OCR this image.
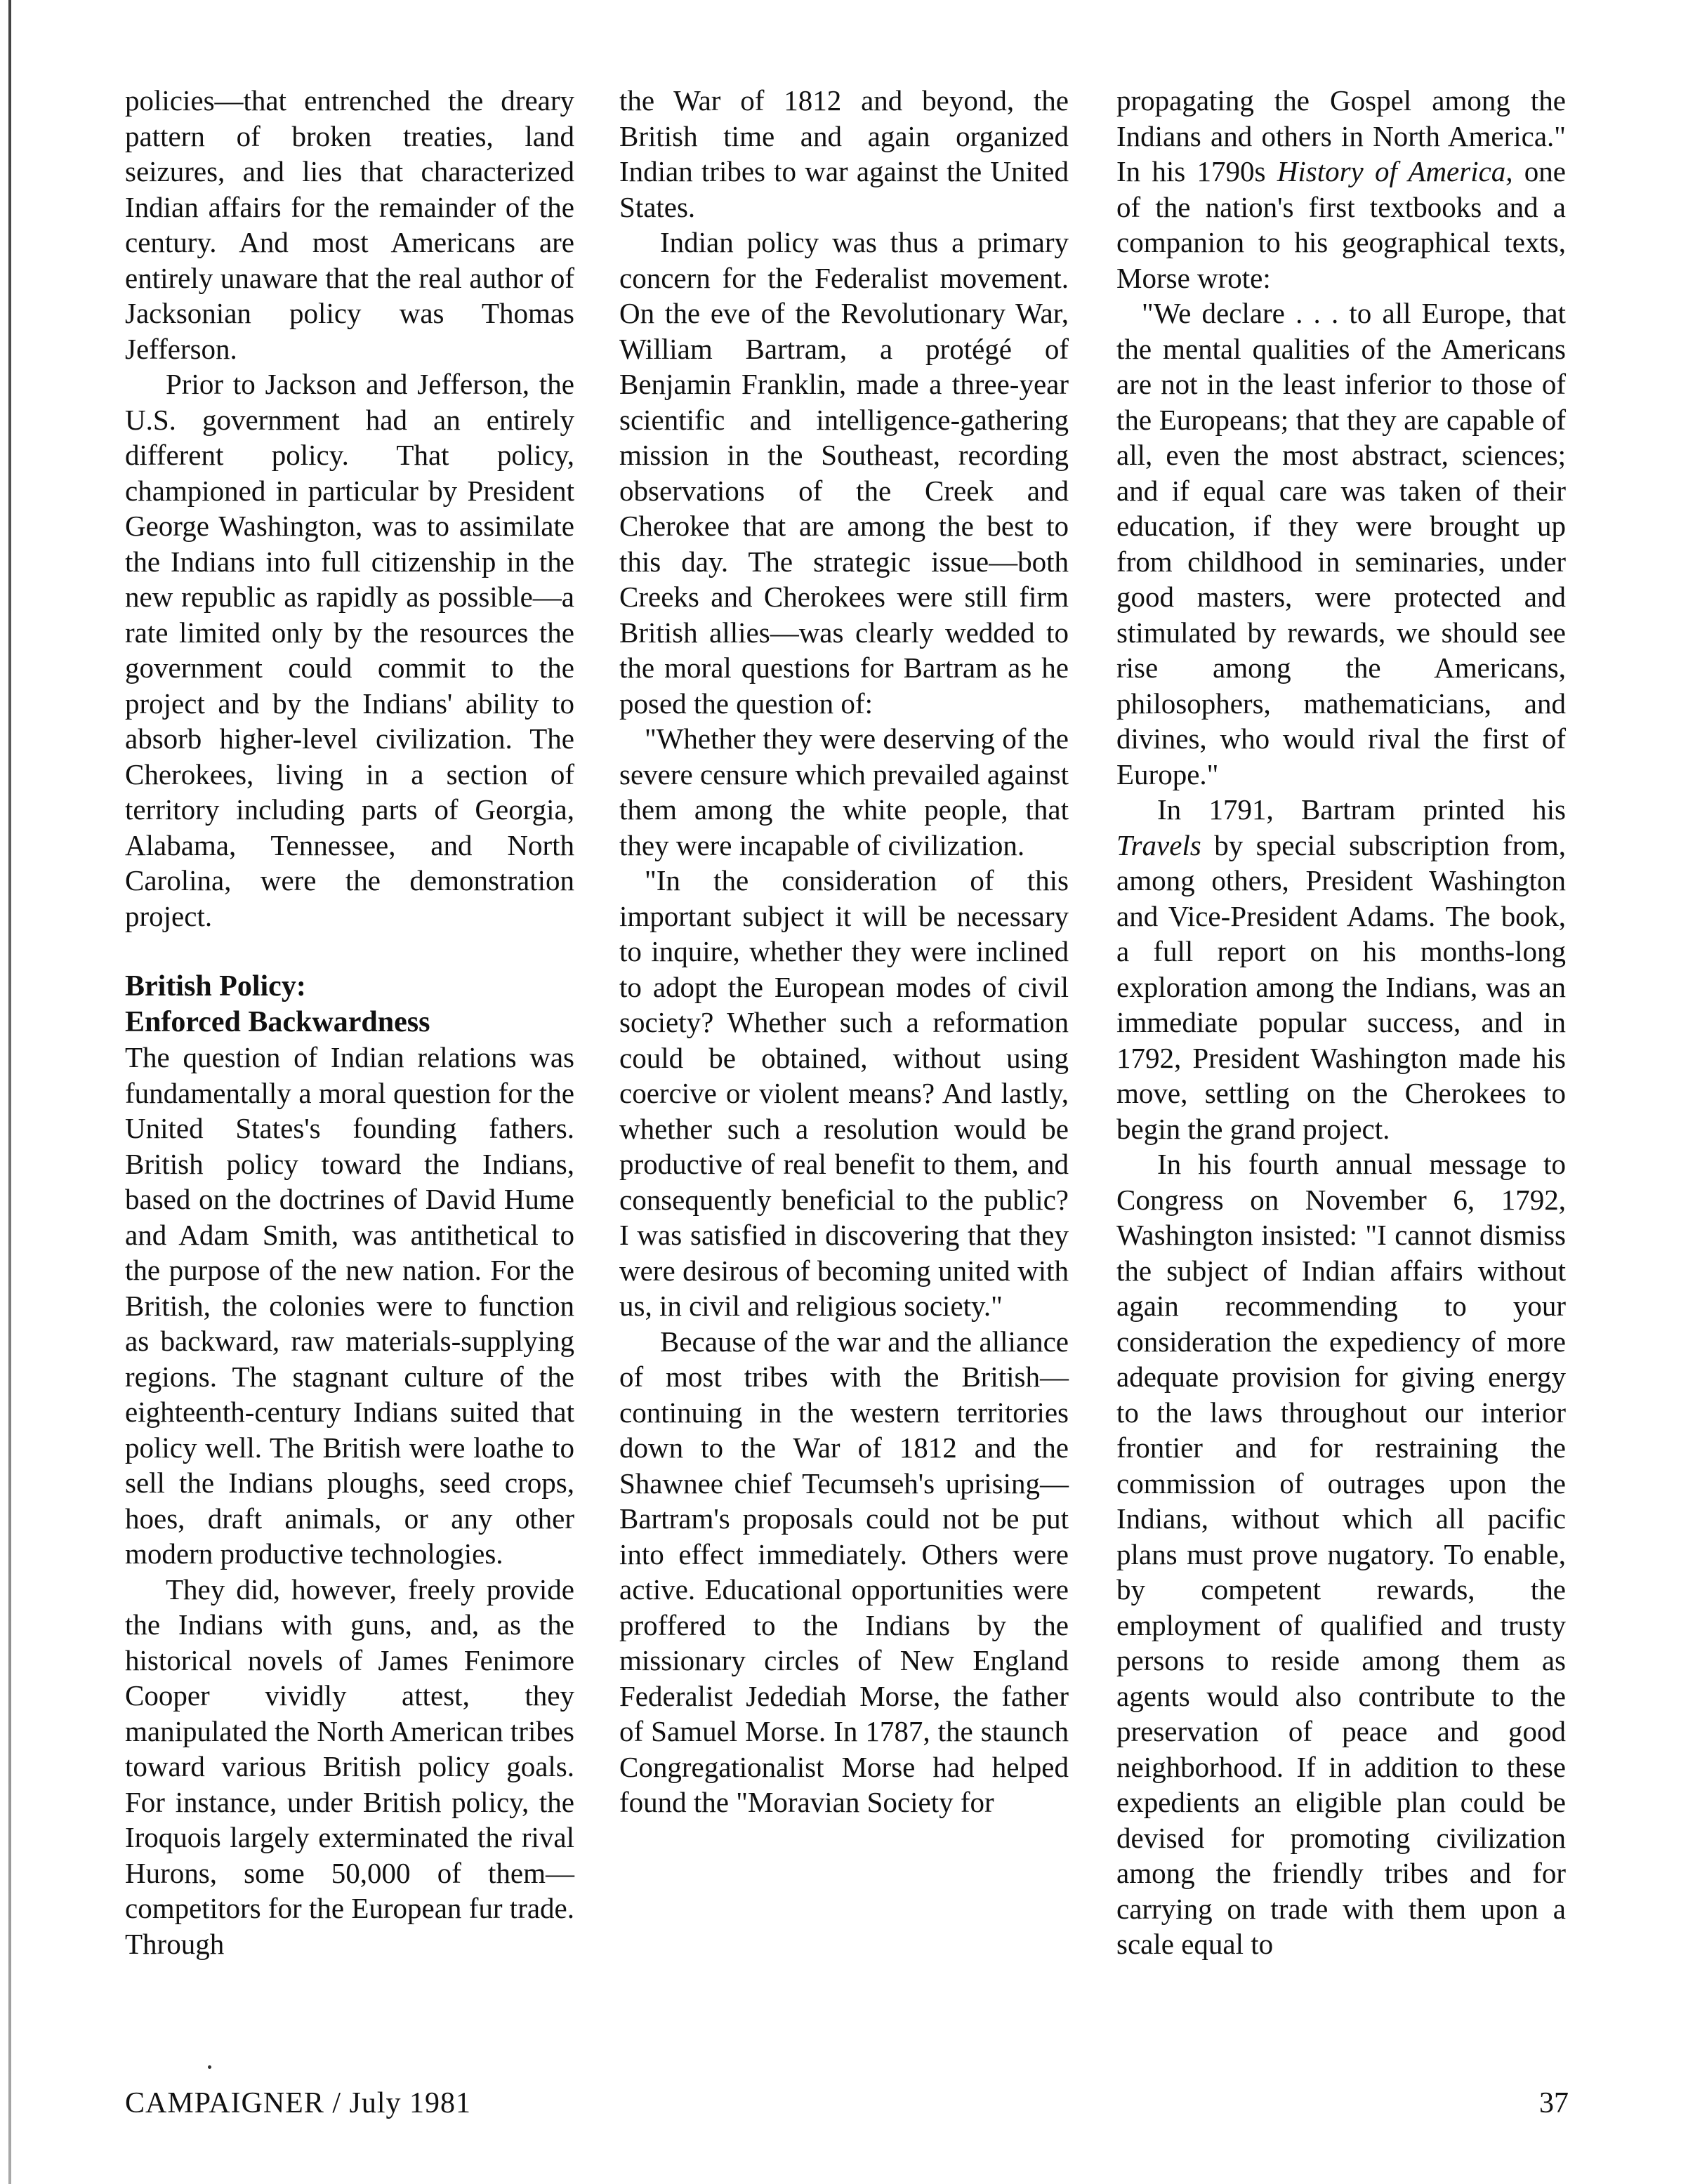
policies—that entrenched the dreary pattern of broken treaties, land seizures, and lies that characterized Indian affairs for the remainder of the century. And most Americans are entirely unaware that the real author of Jacksonian policy was Thomas Jefferson.

Prior to Jackson and Jefferson, the U.S. government had an entirely different policy. That policy, championed in particular by President George Washington, was to assimilate the Indians into full citizenship in the new republic as rapidly as possible—a rate limited only by the resources the government could commit to the project and by the Indians' ability to absorb higher-level civilization. The Cherokees, living in a section of territory including parts of Georgia, Alabama, Tennessee, and North Carolina, were the demonstration project.

British Policy:
Enforced Backwardness

The question of Indian relations was fundamentally a moral question for the United States's founding fathers. British policy toward the Indians, based on the doctrines of David Hume and Adam Smith, was antithetical to the purpose of the new nation. For the British, the colonies were to function as backward, raw materials-supplying regions. The stagnant culture of the eighteenth-century Indians suited that policy well. The British were loathe to sell the Indians ploughs, seed crops, hoes, draft animals, or any other modern productive technologies.

They did, however, freely provide the Indians with guns, and, as the historical novels of James Fenimore Cooper vividly attest, they manipulated the North American tribes toward various British policy goals. For instance, under British policy, the Iroquois largely exterminated the rival Hurons, some 50,000 of them—competitors for the European fur trade. Through

the War of 1812 and beyond, the British time and again organized Indian tribes to war against the United States.

Indian policy was thus a primary concern for the Federalist movement. On the eve of the Revolutionary War, William Bartram, a protégé of Benjamin Franklin, made a three-year scientific and intelligence-gathering mission in the Southeast, recording observations of the Creek and Cherokee that are among the best to this day. The strategic issue—both Creeks and Cherokees were still firm British allies—was clearly wedded to the moral questions for Bartram as he posed the question of:

"Whether they were deserving of the severe censure which prevailed against them among the white people, that they were incapable of civilization.

"In the consideration of this important subject it will be necessary to inquire, whether they were inclined to adopt the European modes of civil society? Whether such a reformation could be obtained, without using coercive or violent means? And lastly, whether such a resolution would be productive of real benefit to them, and consequently beneficial to the public? I was satisfied in discovering that they were desirous of becoming united with us, in civil and religious society."

Because of the war and the alliance of most tribes with the British—continuing in the western territories down to the War of 1812 and the Shawnee chief Tecumseh's uprising—Bartram's proposals could not be put into effect immediately. Others were active. Educational opportunities were proffered to the Indians by the missionary circles of New England Federalist Jedediah Morse, the father of Samuel Morse. In 1787, the staunch Congregationalist Morse had helped found the "Moravian Society for

propagating the Gospel among the Indians and others in North America." In his 1790s History of America, one of the nation's first textbooks and a companion to his geographical texts, Morse wrote:

"We declare . . . to all Europe, that the mental qualities of the Americans are not in the least inferior to those of the Europeans; that they are capable of all, even the most abstract, sciences; and if equal care was taken of their education, if they were brought up from childhood in seminaries, under good masters, were protected and stimulated by rewards, we should see rise among the Americans, philosophers, mathematicians, and divines, who would rival the first of Europe."

In 1791, Bartram printed his Travels by special subscription from, among others, President Washington and Vice-President Adams. The book, a full report on his months-long exploration among the Indians, was an immediate popular success, and in 1792, President Washington made his move, settling on the Cherokees to begin the grand project.

In his fourth annual message to Congress on November 6, 1792, Washington insisted: "I cannot dismiss the subject of Indian affairs without again recommending to your consideration the expediency of more adequate provision for giving energy to the laws throughout our interior frontier and for restraining the commission of outrages upon the Indians, without which all pacific plans must prove nugatory. To enable, by competent rewards, the employment of qualified and trusty persons to reside among them as agents would also contribute to the preservation of peace and good neighborhood. If in addition to these expedients an eligible plan could be devised for promoting civilization among the friendly tribes and for carrying on trade with them upon a scale equal to

CAMPAIGNER / July 1981	37
